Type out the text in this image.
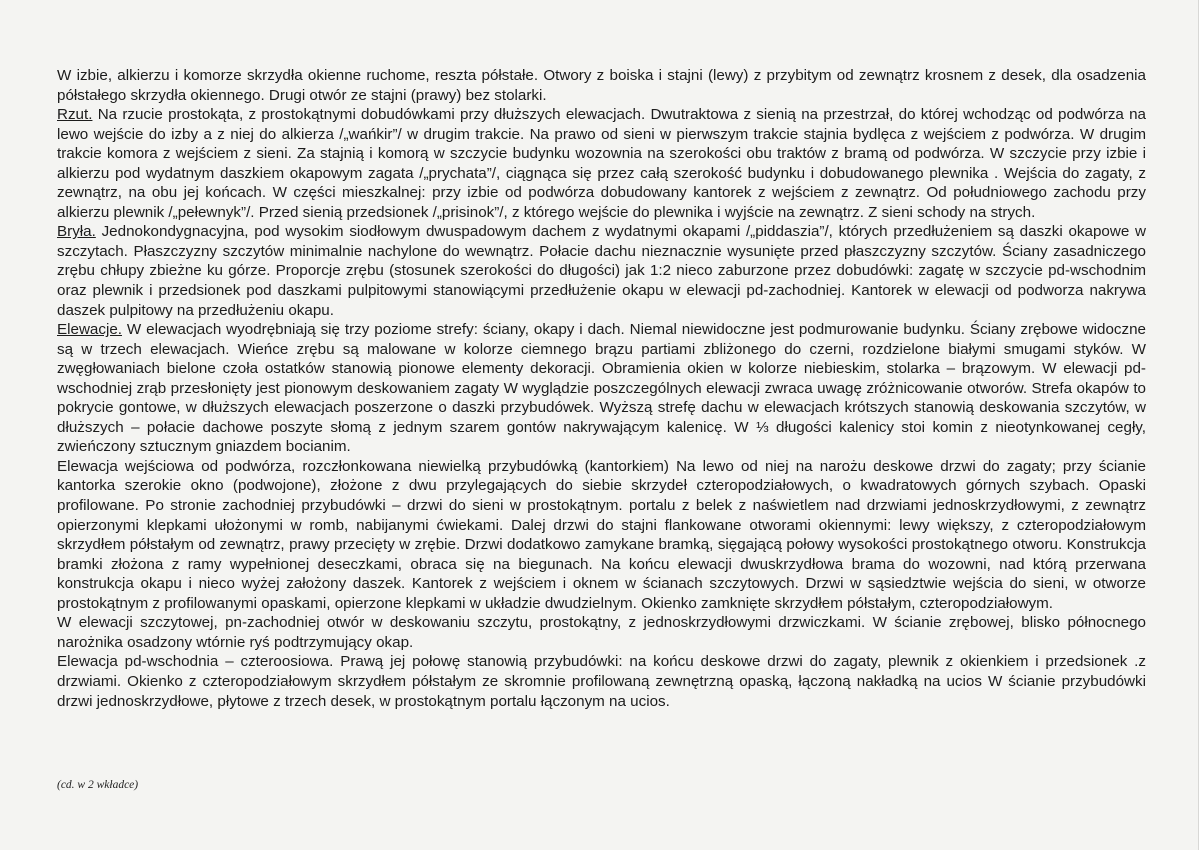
W izbie, alkierzu i komorze skrzydła okienne ruchome, reszta półstałe. Otwory z boiska i stajni (lewy) z przybitym od zewnątrz krosnem z desek, dla osadzenia półstałego skrzydła okiennego. Drugi otwór ze stajni (prawy) bez stolarki.

Rzut. Na rzucie prostokąta, z prostokątnymi dobudówkami przy dłuższych elewacjach. Dwutraktowa z sienią na przestrzał, do której wchodząc od podwórza na lewo wejście do izby a z niej do alkierza /„wańkir”/ w drugim trakcie. Na prawo od sieni w pierwszym trakcie stajnia bydlęca z wejściem z podwórza. W drugim trakcie komora z wejściem z sieni. Za stajnią i komorą w szczycie budynku wozownia na szerokości obu traktów z bramą od podwórza. W szczycie przy izbie i alkierzu pod wydatnym daszkiem okapowym zagata /„prychata”/, ciągnąca się przez całą szerokość budynku i dobudowanego plewnika . Wejścia do zagaty, z zewnątrz, na obu jej końcach. W części mieszkalnej: przy izbie od podwórza dobudowany kantorek z wejściem z zewnątrz. Od południowego zachodu przy alkierzu plewnik /„pełewnyk”/. Przed sienią przedsionek /„prisinok”/, z którego wejście do plewnika i wyjście na zewnątrz. Z sieni schody na strych.

Bryła. Jednokondygnacyjna, pod wysokim siodłowym dwuspadowym dachem z wydatnymi okapami /„piddaszia”/, których przedłużeniem są daszki okapowe w szczytach. Płaszczyzny szczytów minimalnie nachylone do wewnątrz. Połacie dachu nieznacznie wysunięte przed płaszczyzny szczytów. Ściany zasadniczego zrębu chłupy zbieżne ku górze. Proporcje zrębu (stosunek szerokości do długości) jak 1:2 nieco zaburzone przez dobudówki: zagatę w szczycie pd-wschodnim oraz plewnik i przedsionek pod daszkami pulpitowymi stanowiącymi przedłużenie okapu w elewacji pd-zachodniej. Kantorek w elewacji od podworza nakrywa daszek pulpitowy na przedłużeniu okapu.

Elewacje. W elewacjach wyodrębniają się trzy poziome strefy: ściany, okapy i dach. Niemal niewidoczne jest podmurowanie budynku. Ściany zrębowe widoczne są w trzech elewacjach. Wieńce zrębu są malowane w kolorze ciemnego brązu partiami zbliżonego do czerni, rozdzielone białymi smugami styków. W zwęgłowaniach bielone czoła ostatków stanowią pionowe elementy dekoracji. Obramienia okien w kolorze niebieskim, stolarka – brązowym. W elewacji pd-wschodniej zrąb przesłonięty jest pionowym deskowaniem zagaty W wyglądzie poszczególnych elewacji zwraca uwagę zróżnicowanie otworów. Strefa okapów to pokrycie gontowe, w dłuższych elewacjach poszerzone o daszki przybudówek. Wyższą strefę dachu w elewacjach krótszych stanowią deskowania szczytów, w dłuższych – połacie dachowe poszyte słomą z jednym szarem gontów nakrywającym kalenicę. W ⅓ długości kalenicy stoi komin z nieotynkowanej cegły, zwieńczony sztucznym gniazdem bocianim.

Elewacja wejściowa od podwórza, rozczłonkowana niewielką przybudówką (kantorkiem) Na lewo od niej na narożu deskowe drzwi do zagaty; przy ścianie kantorka szerokie okno (podwojone), złożone z dwu przylegających do siebie skrzydeł czteropodziałowych, o kwadratowych górnych szybach. Opaski profilowane. Po stronie zachodniej przybudówki – drzwi do sieni w prostokątnym. portalu z belek z naświetlem nad drzwiami jednoskrzydłowymi, z zewnątrz opierzonymi klepkami ułożonymi w romb, nabijanymi ćwiekami. Dalej drzwi do stajni flankowane otworami okiennymi: lewy większy, z czteropodziałowym skrzydłem półstałym od zewnątrz, prawy przecięty w zrębie. Drzwi dodatkowo zamykane bramką, sięgającą połowy wysokości prostokątnego otworu. Konstrukcja bramki złożona z ramy wypełnionej deseczkami, obraca się na biegunach. Na końcu elewacji dwuskrzydłowa brama do wozowni, nad którą przerwana konstrukcja okapu i nieco wyżej założony daszek. Kantorek z wejściem i oknem w ścianach szczytowych. Drzwi w sąsiedztwie wejścia do sieni, w otworze prostokątnym z profilowanymi opaskami, opierzone klepkami w układzie dwudzielnym. Okienko zamknięte skrzydłem półstałym, czteropodziałowym.

W elewacji szczytowej, pn-zachodniej otwór w deskowaniu szczytu, prostokątny, z jednoskrzydłowymi drzwiczkami. W ścianie zrębowej, blisko północnego narożnika osadzony wtórnie ryś podtrzymujący okap.

Elewacja pd-wschodnia – czteroosiowa. Prawą jej połowę stanowią przybudówki: na końcu deskowe drzwi do zagaty, plewnik z okienkiem i przedsionek .z drzwiami. Okienko z czteropodziałowym skrzydłem półstałym ze skromnie profilowaną zewnętrzną opaską, łączoną nakładką na ucios W ścianie przybudówki drzwi jednoskrzydłowe, płytowe z trzech desek, w prostokątnym portalu łączonym na ucios.

(cd. w 2 wkładce)
